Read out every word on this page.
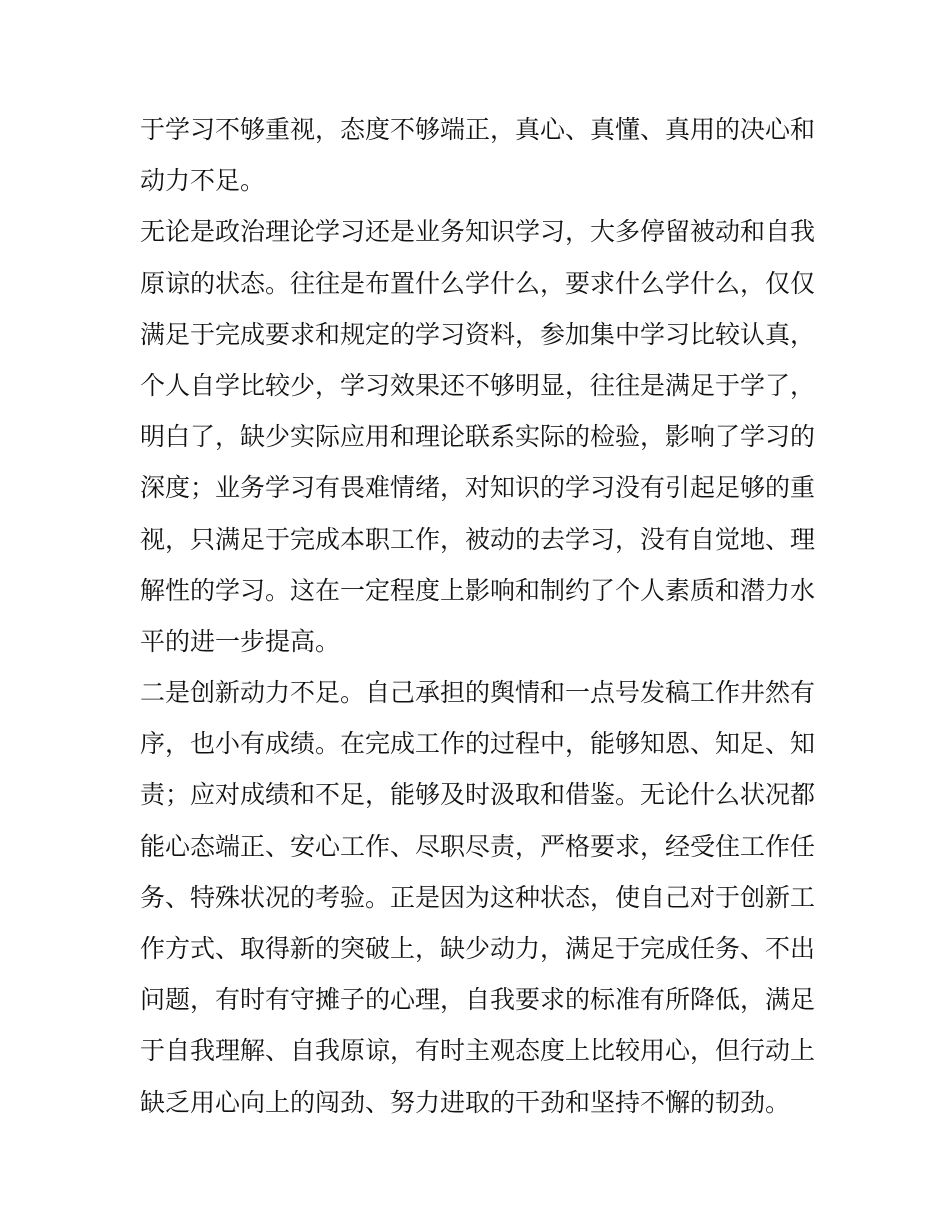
于学习不够重视，态度不够端正，真心、真懂、真用的决心和
动力不足。
无论是政治理论学习还是业务知识学习，大多停留被动和自我
原谅的状态。往往是布置什么学什么，要求什么学什么，仅仅
满足于完成要求和规定的学习资料，参加集中学习比较认真，
个人自学比较少，学习效果还不够明显，往往是满足于学了，
明白了，缺少实际应用和理论联系实际的检验，影响了学习的
深度；业务学习有畏难情绪，对知识的学习没有引起足够的重
视，只满足于完成本职工作，被动的去学习，没有自觉地、理
解性的学习。这在一定程度上影响和制约了个人素质和潜力水
平的进一步提高。
二是创新动力不足。自己承担的舆情和一点号发稿工作井然有
序，也小有成绩。在完成工作的过程中，能够知恩、知足、知
责；应对成绩和不足，能够及时汲取和借鉴。无论什么状况都
能心态端正、安心工作、尽职尽责，严格要求，经受住工作任
务、特殊状况的考验。正是因为这种状态，使自己对于创新工
作方式、取得新的突破上，缺少动力，满足于完成任务、不出
问题，有时有守摊子的心理，自我要求的标准有所降低，满足
于自我理解、自我原谅，有时主观态度上比较用心，但行动上
缺乏用心向上的闯劲、努力进取的干劲和坚持不懈的韧劲。
